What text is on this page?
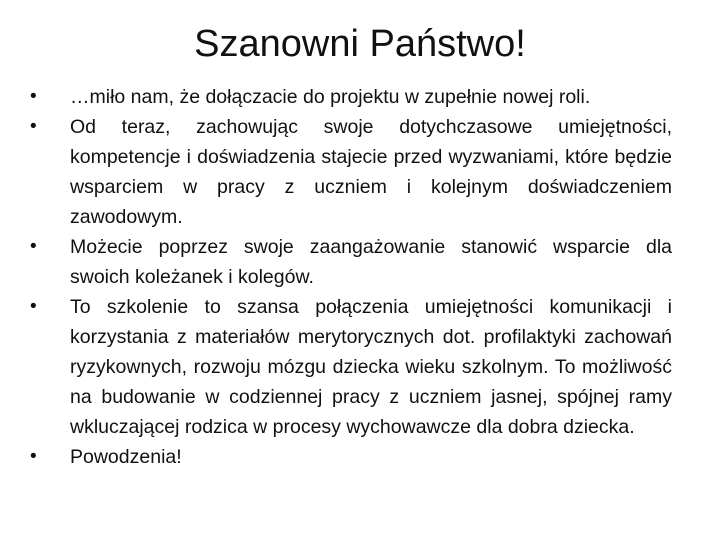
Szanowni Państwo!
•	…miło nam, że dołączacie do projektu w zupełnie nowej roli.
•	Od teraz, zachowując swoje dotychczasowe umiejętności, kompetencje i doświadzenia stajecie przed wyzwaniami, które będzie wsparciem w pracy z uczniem i kolejnym doświadczeniem zawodowym.
•	Możecie poprzez swoje zaangażowanie stanowić wsparcie dla swoich koleżanek i kolegów.
•	To szkolenie to szansa połączenia umiejętności komunikacji i korzystania z materiałów merytorycznych dot. profilaktyki zachowań ryzykownych, rozwoju mózgu dziecka wieku szkolnym. To możliwość na budowanie w codziennej pracy z uczniem jasnej, spójnej ramy wkluczającej rodzica w procesy wychowawcze dla dobra dziecka.
•	Powodzenia!
